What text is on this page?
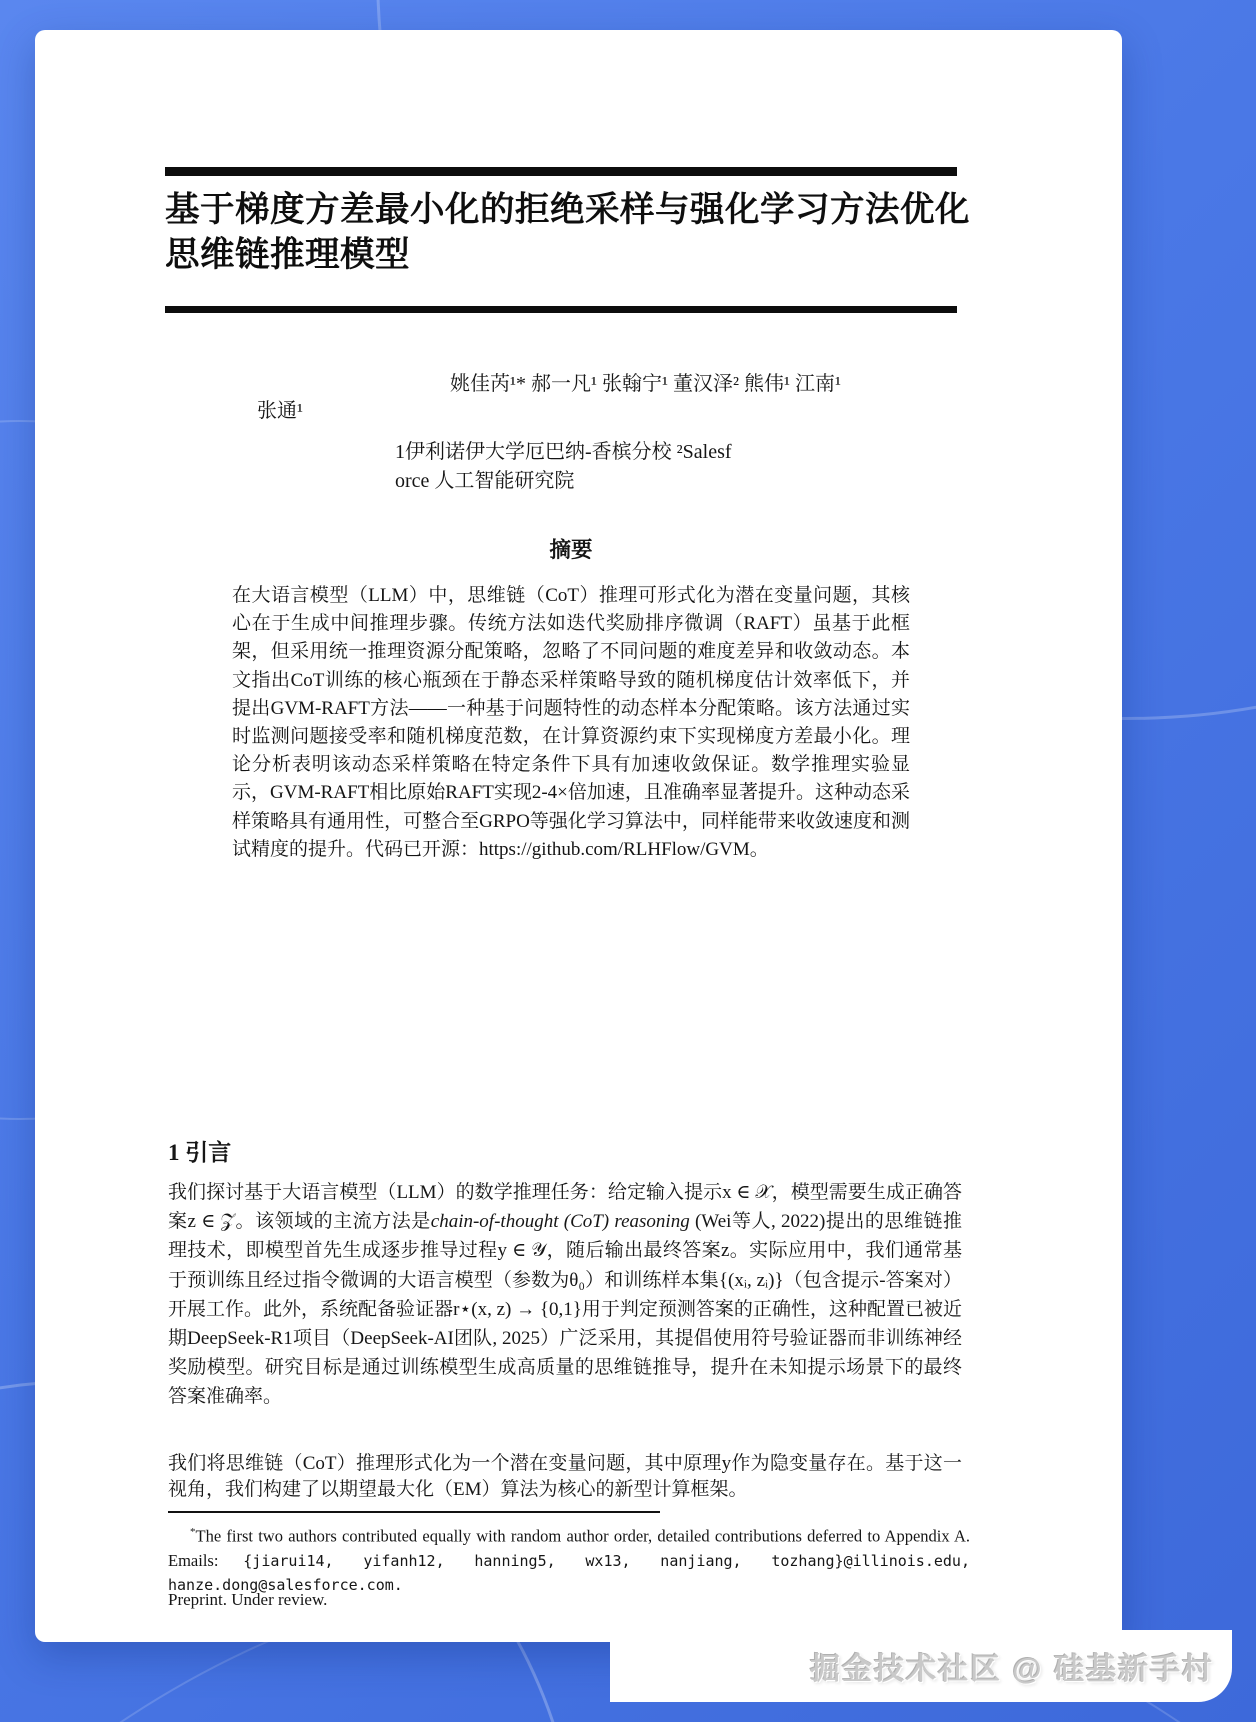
基于梯度方差最小化的拒绝采样与强化学习方法优化思维链推理模型
姚佳芮¹* 郝一凡¹ 张翰宁¹ 董汉泽² 熊伟¹ 江南¹
张通¹
1伊利诺伊大学厄巴纳-香槟分校 ²Salesf
orce 人工智能研究院
摘要
在大语言模型（LLM）中，思维链（CoT）推理可形式化为潜在变量问题，其核心在于生成中间推理步骤。传统方法如迭代奖励排序微调（RAFT）虽基于此框架，但采用统一推理资源分配策略，忽略了不同问题的难度差异和收敛动态。本文指出CoT训练的核心瓶颈在于静态采样策略导致的随机梯度估计效率低下，并提出GVM-RAFT方法——一种基于问题特性的动态样本分配策略。该方法通过实时监测问题接受率和随机梯度范数，在计算资源约束下实现梯度方差最小化。理论分析表明该动态采样策略在特定条件下具有加速收敛保证。数学推理实验显示，GVM-RAFT相比原始RAFT实现2-4×倍加速，且准确率显著提升。这种动态采样策略具有通用性，可整合至GRPO等强化学习算法中，同样能带来收敛速度和测试精度的提升。代码已开源：https://github.com/RLHFlow/GVM。
1 引言

我们探讨基于大语言模型（LLM）的数学推理任务：给定输入提示x ∈ 𝒳，模型需要生成正确答案z ∈ 𝒵。该领域的主流方法是chain-of-thought (CoT) reasoning (Wei等人, 2022)提出的思维链推理技术，即模型首先生成逐步推导过程y ∈ 𝒴，随后输出最终答案z。实际应用中，我们通常基于预训练且经过指令微调的大语言模型（参数为θ₀）和训练样本集{(xᵢ, zᵢ)}（包含提示-答案对）开展工作。此外，系统配备验证器r⋆(x, z) → {0,1}用于判定预测答案的正确性，这种配置已被近期DeepSeek-R1项目（DeepSeek-AI团队, 2025）广泛采用，其提倡使用符号验证器而非训练神经奖励模型。研究目标是通过训练模型生成高质量的思维链推导，提升在未知提示场景下的最终答案准确率。

我们将思维链（CoT）推理形式化为一个潜在变量问题，其中原理y作为隐变量存在。基于这一视角，我们构建了以期望最大化（EM）算法为核心的新型计算框架。

*The first two authors contributed equally with random author order, detailed contributions deferred to Appendix A. Emails: {jiarui14, yifanh12, hanning5, wx13, nanjiang, tozhang}@illinois.edu, hanze.dong@salesforce.com.

Preprint. Under review.
掘金技术社区 @ 硅基新手村
